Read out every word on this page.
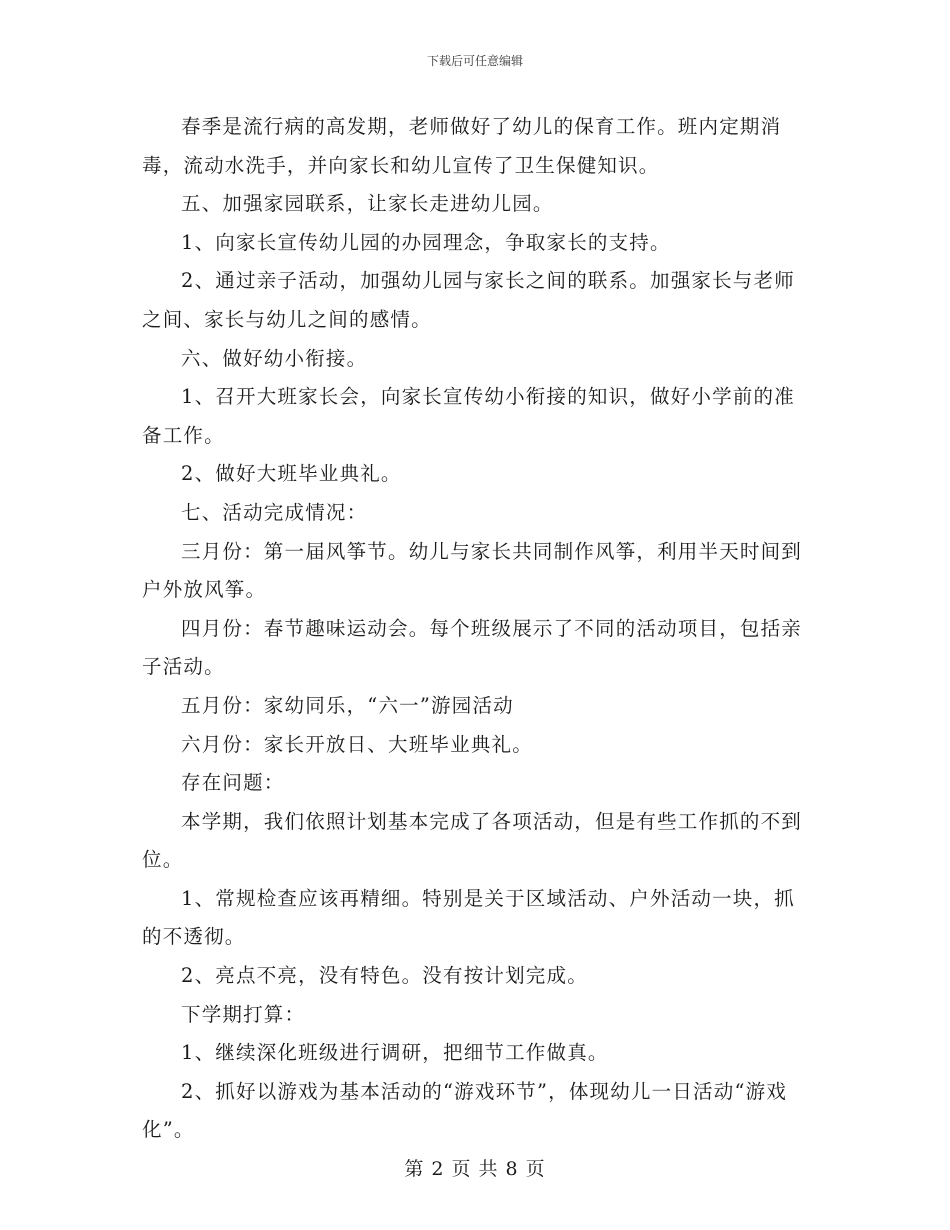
下载后可任意编辑

春季是流行病的高发期，老师做好了幼儿的保育工作。班内定期消毒，流动水洗手，并向家长和幼儿宣传了卫生保健知识。

五、加强家园联系，让家长走进幼儿园。

1、向家长宣传幼儿园的办园理念，争取家长的支持。

2、通过亲子活动，加强幼儿园与家长之间的联系。加强家长与老师之间、家长与幼儿之间的感情。

六、做好幼小衔接。

1、召开大班家长会，向家长宣传幼小衔接的知识，做好小学前的准备工作。

2、做好大班毕业典礼。

七、活动完成情况：

三月份：第一届风筝节。幼儿与家长共同制作风筝，利用半天时间到户外放风筝。

四月份：春节趣味运动会。每个班级展示了不同的活动项目，包括亲子活动。

五月份：家幼同乐，“六一”游园活动

六月份：家长开放日、大班毕业典礼。

存在问题：

本学期，我们依照计划基本完成了各项活动，但是有些工作抓的不到位。

1、常规检查应该再精细。特别是关于区域活动、户外活动一块，抓的不透彻。

2、亮点不亮，没有特色。没有按计划完成。

下学期打算：

1、继续深化班级进行调研，把细节工作做真。

2、抓好以游戏为基本活动的“游戏环节”，体现幼儿一日活动“游戏化”。

第 2 页 共 8 页
